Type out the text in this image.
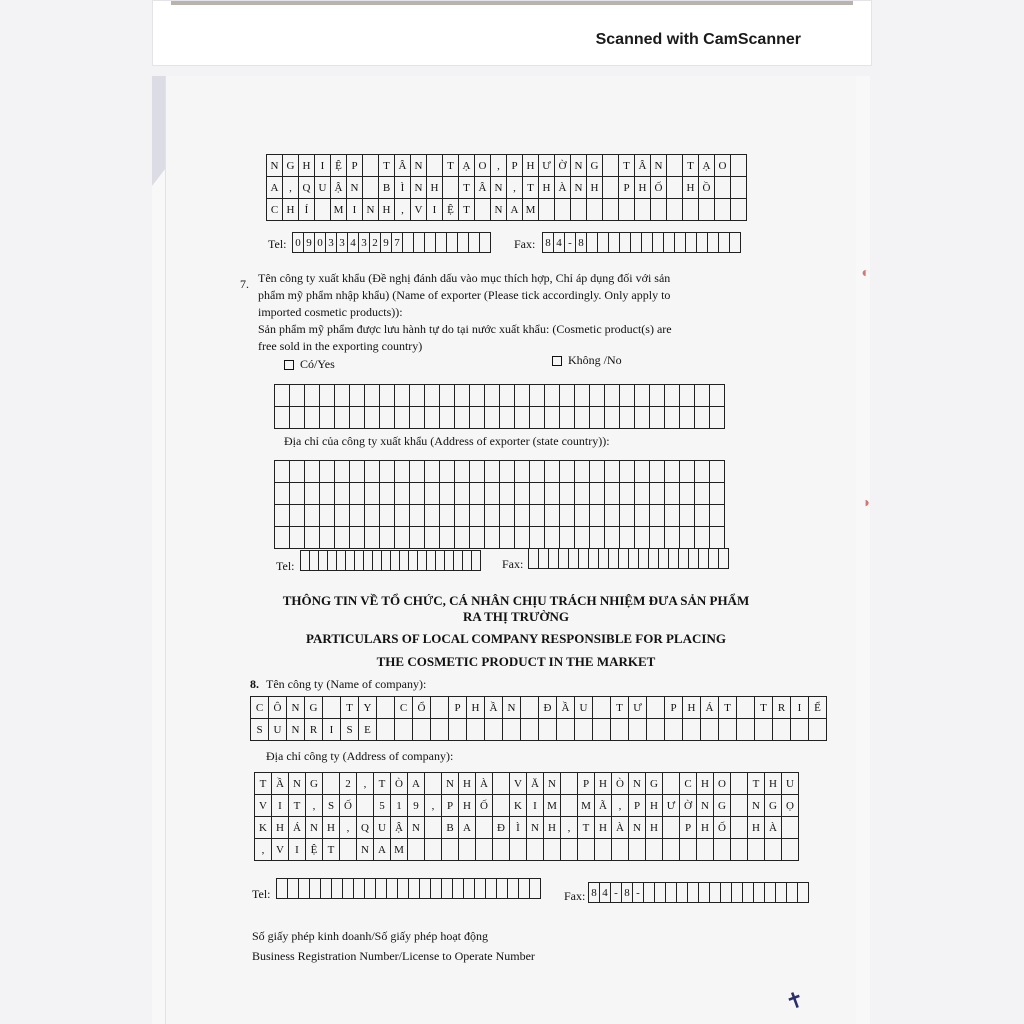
Scanned with CamScanner
N G H I Ệ P	T Â N	T Ạ O ,	P H Ư Ờ N G	T Â N	T Ạ O
A , Q U Ậ N	B Ì N H	T Â N ,	T H À N H	P H Ố	H Ồ
C H Í	M I N H , V I Ệ T	N A M
Tel: 0 9 0 3 3 4 3 2 9 7	Fax: 8 4 - 8
7. Tên công ty xuất khẩu (Đề nghị đánh dấu vào mục thích hợp, Chỉ áp dụng đối với sản
phẩm mỹ phẩm nhập khẩu) (Name of exporter (Please tick accordingly. Only apply to
imported cosmetic products)):
Sản phẩm mỹ phẩm được lưu hành tự do tại nước xuất khẩu: (Cosmetic product(s) are
free sold in the exporting country)
Có/Yes	Không /No
Địa chỉ của công ty xuất khẩu (Address of exporter (state country)):
Tel:	Fax:
THÔNG TIN VỀ TỔ CHỨC, CÁ NHÂN CHỊU TRÁCH NHIỆM ĐƯA SẢN PHẨM
RA THỊ TRƯỜNG
PARTICULARS OF LOCAL COMPANY RESPONSIBLE FOR PLACING
THE COSMETIC PRODUCT IN THE MARKET
8. Tên công ty (Name of company):
C Ô N G	T Y	C Ổ	P H Ầ N	Đ Ầ U	T Ư	P H Á T	T R	I	Ể
S U N R	I	S	E
Địa chỉ công ty (Address of company):
T Ầ N G	2	,	T Ò A	N H À	V Ă N	P H Ò N G	C H O	T H U
V	I	T	,	S Ố	5	1	9	,	P H Ố	K	I M	M Ã	,	P H Ư Ờ N G	N G Ọ
K H Á N H	,	Q U Ậ N	B A	Đ	Ì	N H	,	T H À N H	P H Ố	H À
,	V	I	Ệ T	N A M
Tel:	Fax: 8 4 - 8 -
Số giấy phép kinh doanh/Số giấy phép hoạt động
Business Registration Number/License to Operate Number
✝
◐
◑
